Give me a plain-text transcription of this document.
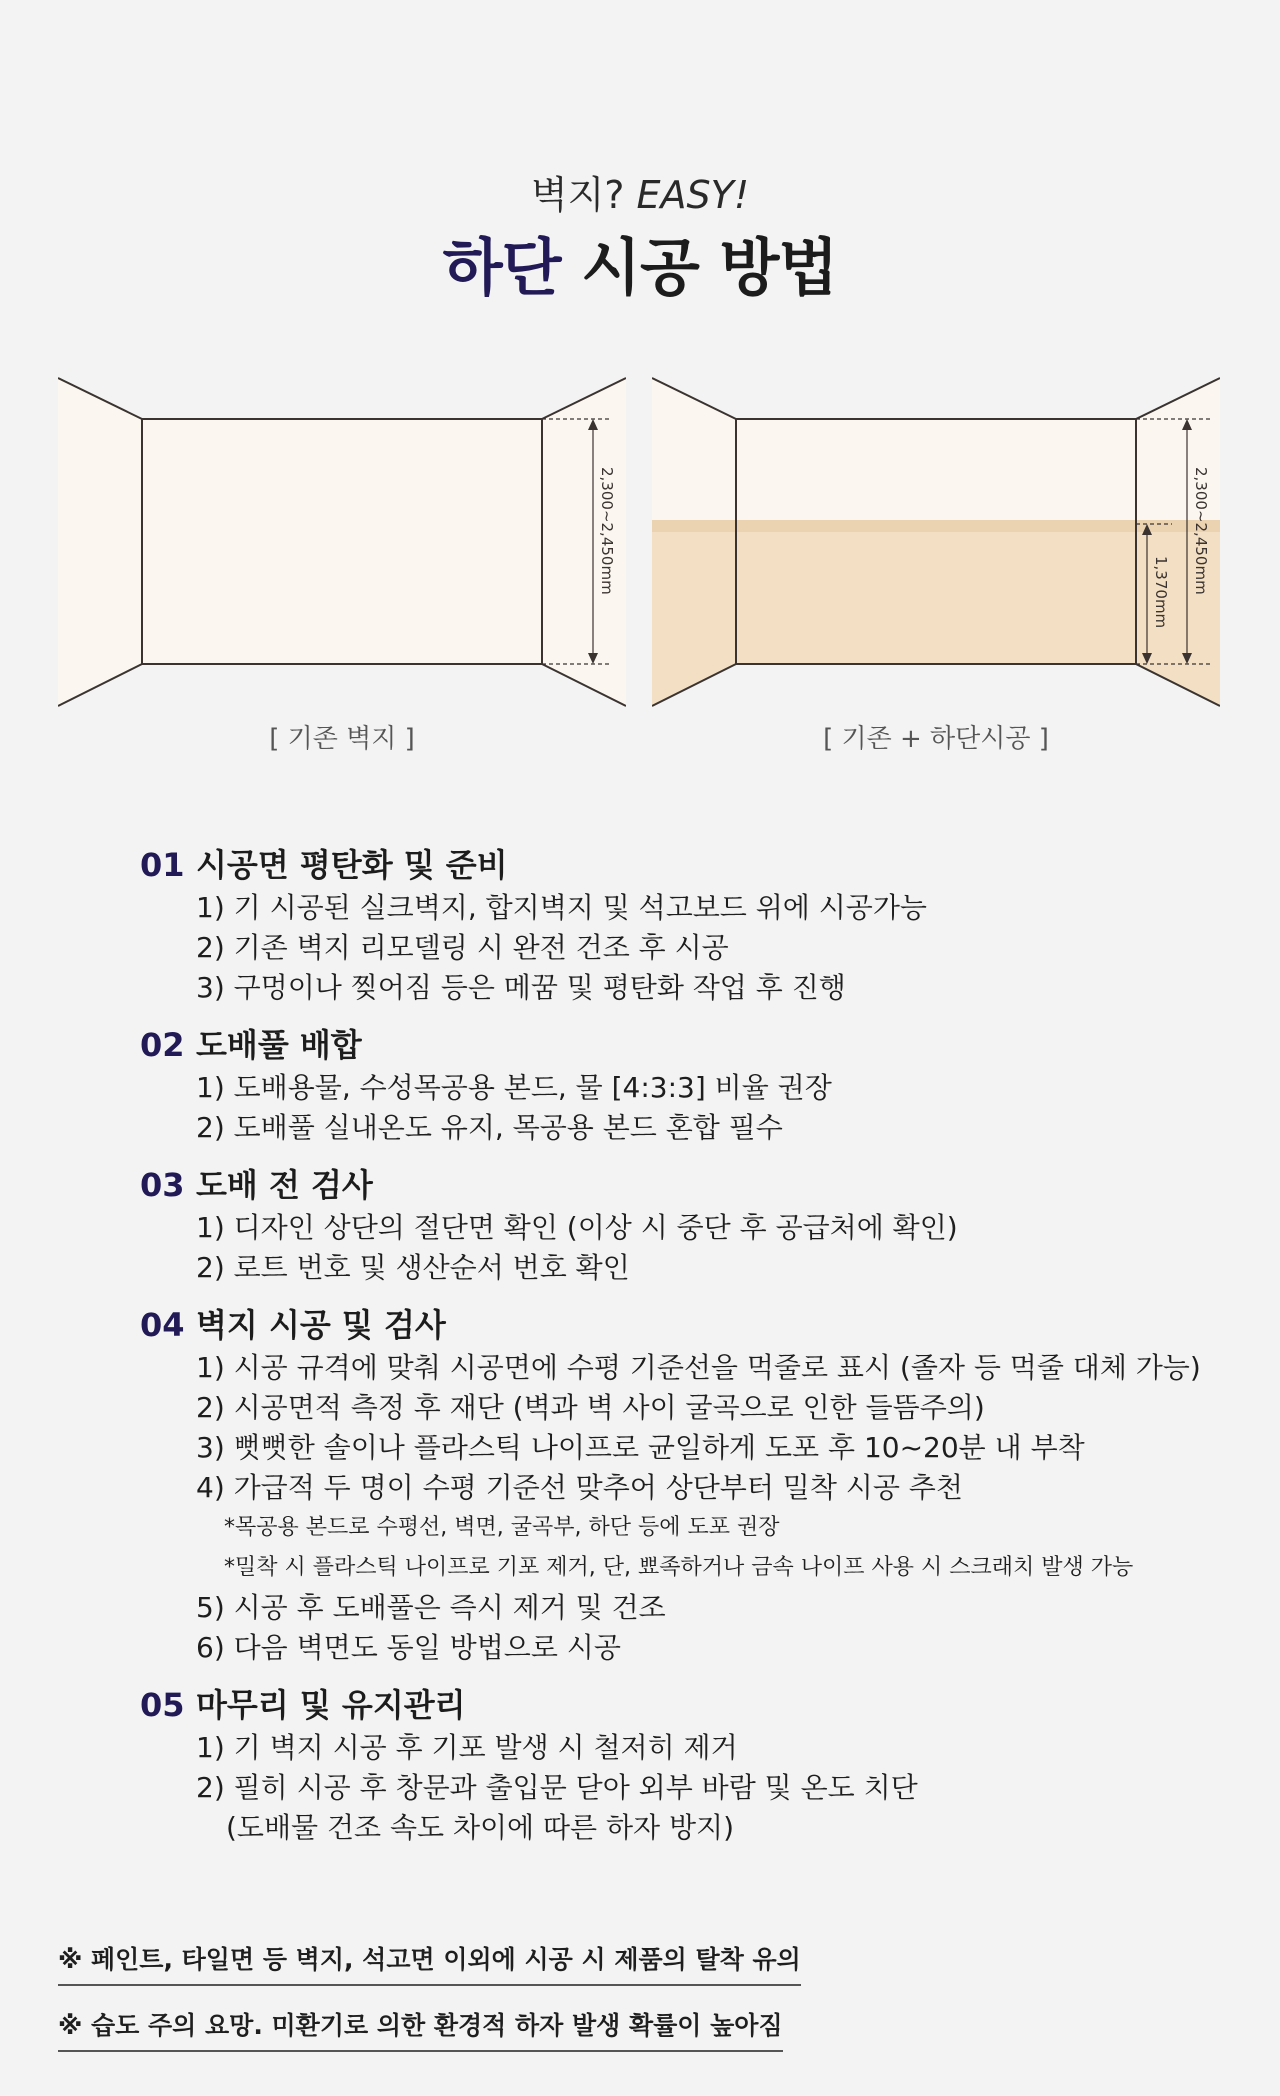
벽지? EASY!
하단 시공 방법
2,300~2,450mm	2,300~2,450mm
1,370mm
[ 기존 벽지 ]	[ 기존 + 하단시공 ]
01 시공면 평탄화 및 준비
1) 기 시공된 실크벽지, 합지벽지 및 석고보드 위에 시공가능
2) 기존 벽지 리모델링 시 완전 건조 후 시공
3) 구멍이나 찢어짐 등은 메꿈 및 평탄화 작업 후 진행
02 도배풀 배합
1) 도배용물, 수성목공용 본드, 물 [4:3:3] 비율 권장
2) 도배풀 실내온도 유지, 목공용 본드 혼합 필수
03 도배 전 검사
1) 디자인 상단의 절단면 확인 (이상 시 중단 후 공급처에 확인)
2) 로트 번호 및 생산순서 번호 확인
04 벽지 시공 및 검사
1) 시공 규격에 맞춰 시공면에 수평 기준선을 먹줄로 표시 (졸자 등 먹줄 대체 가능)
2) 시공면적 측정 후 재단 (벽과 벽 사이 굴곡으로 인한 들뜸주의)
3) 뻣뻣한 솔이나 플라스틱 나이프로 균일하게 도포 후 10~20분 내 부착
4) 가급적 두 명이 수평 기준선 맞추어 상단부터 밀착 시공 추천
*목공용 본드로 수평선, 벽면, 굴곡부, 하단 등에 도포 권장
*밀착 시 플라스틱 나이프로 기포 제거, 단, 뾰족하거나 금속 나이프 사용 시 스크래치 발생 가능
5) 시공 후 도배풀은 즉시 제거 및 건조
6) 다음 벽면도 동일 방법으로 시공
05 마무리 및 유지관리
1) 기 벽지 시공 후 기포 발생 시 철저히 제거
2) 필히 시공 후 창문과 출입문 닫아 외부 바람 및 온도 치단
(도배물 건조 속도 차이에 따른 하자 방지)
※ 페인트, 타일면 등 벽지, 석고면 이외에 시공 시 제품의 탈착 유의
※ 습도 주의 요망. 미환기로 의한 환경적 하자 발생 확률이 높아짐
